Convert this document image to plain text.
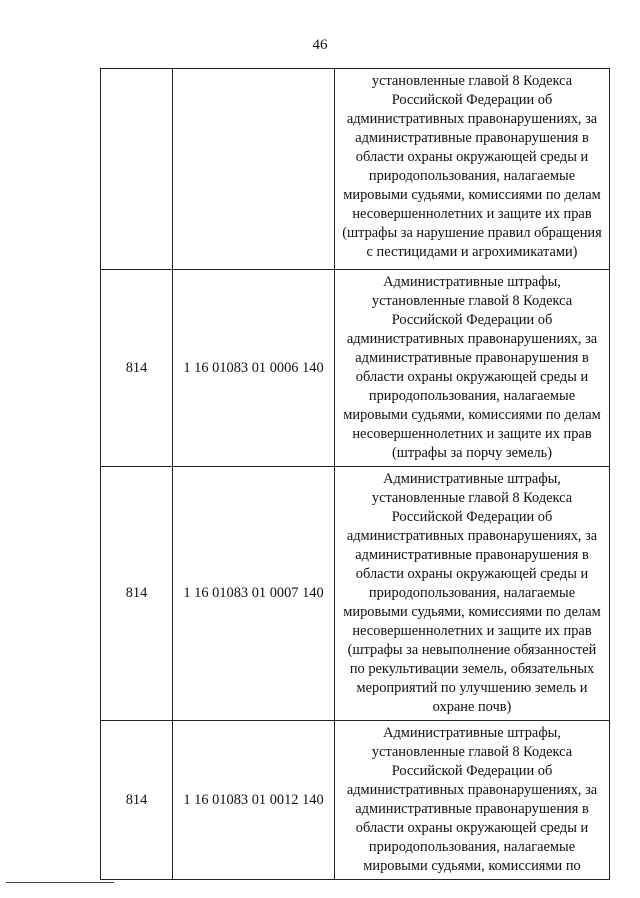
46

		установленные главой 8 Кодекса Российской Федерации об административных правонарушениях, за административные правонарушения в области охраны окружающей среды и природопользования, налагаемые мировыми судьями, комиссиями по делам несовершеннолетних и защите их прав (штрафы за нарушение правил обращения с пестицидами и агрохимикатами)

814	1 16 01083 01 0006 140	Административные штрафы, установленные главой 8 Кодекса Российской Федерации об административных правонарушениях, за административные правонарушения в области охраны окружающей среды и природопользования, налагаемые мировыми судьями, комиссиями по делам несовершеннолетних и защите их прав (штрафы за порчу земель)

814	1 16 01083 01 0007 140	Административные штрафы, установленные главой 8 Кодекса Российской Федерации об административных правонарушениях, за административные правонарушения в области охраны окружающей среды и природопользования, налагаемые мировыми судьями, комиссиями по делам несовершеннолетних и защите их прав (штрафы за невыполнение обязанностей по рекультивации земель, обязательных мероприятий по улучшению земель и охране почв)

814	1 16 01083 01 0012 140	Административные штрафы, установленные главой 8 Кодекса Российской Федерации об административных правонарушениях, за административные правонарушения в области охраны окружающей среды и природопользования, налагаемые мировыми судьями, комиссиями по
